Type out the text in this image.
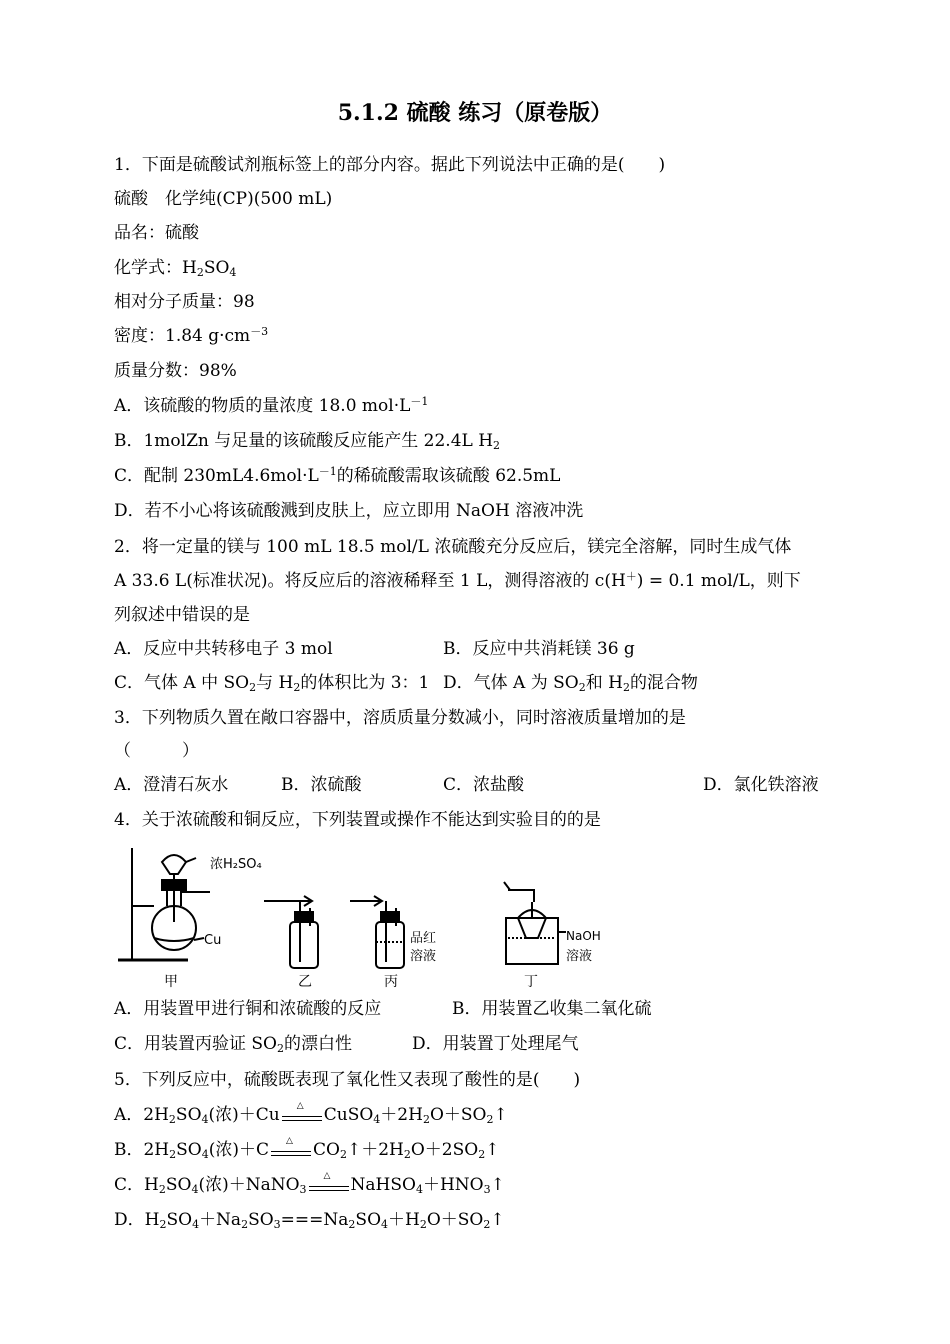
5.1.2 硫酸 练习（原卷版）
1．下面是硫酸试剂瓶标签上的部分内容。据此下列说法中正确的是(　　)
硫酸　化学纯(CP)(500 mL)
品名：硫酸
化学式：$H_2SO_4$
相对分子质量：98
密度：1.84 $g\cdot cm^{-3}$
质量分数：98%
A．该硫酸的物质的量浓度 18.0 $mol\cdot L^{-1}$
B．1molZn 与足量的该硫酸反应能产生 22.4L $H_2$
C．配制 $230mL4.6mol\cdot L^{-1}$的稀硫酸需取该硫酸 62.5mL
D．若不小心将该硫酸溅到皮肤上，应立即用 NaOH 溶液冲洗
2．将一定量的镁与 100 mL 18.5 mol/L 浓硫酸充分反应后，镁完全溶解，同时生成气体
A 33.6 L(标准状况)。将反应后的溶液稀释至 1 L，测得溶液的 c(H＋) = 0.1 mol/L，则下
列叙述中错误的是
A．反应中共转移电子 3 mol	B．反应中共消耗镁 36 g
C．气体 A 中 $SO_2$与 $H_2$的体积比为 3：1 D．气体 A 为 $SO_2$和 $H_2$的混合物
3．下列物质久置在敞口容器中，溶质质量分数减小，同时溶液质量增加的是
（　　　）
A．澄清石灰水	B．浓硫酸	C．浓盐酸	D．氯化铁溶液
4．关于浓硫酸和铜反应，下列装置或操作不能达到实验目的的是
浓H₂SO₄
Cu
甲	乙	丙
品红
溶液
丁
NaOH
溶液
A．用装置甲进行铜和浓硫酸的反应	B．用装置乙收集二氧化硫
C．用装置丙验证 $SO_2$的漂白性	D．用装置丁处理尾气
5．下列反应中，硫酸既表现了氧化性又表现了酸性的是(　　)
A．$2H_2SO_4$(浓)＋Cu △ $CuSO_4+2H_2O+SO_2↑$
B．$2H_2SO_4$(浓)＋C △ $CO_2↑+2H_2O+2SO_2↑$
C．$H_2SO_4$(浓)＋NaNO$_3$
△ $NaHSO_4+HNO_3↑$
D．$H_2SO_4+Na_2SO_3===Na_2SO_4+H_2O+SO_2↑$
